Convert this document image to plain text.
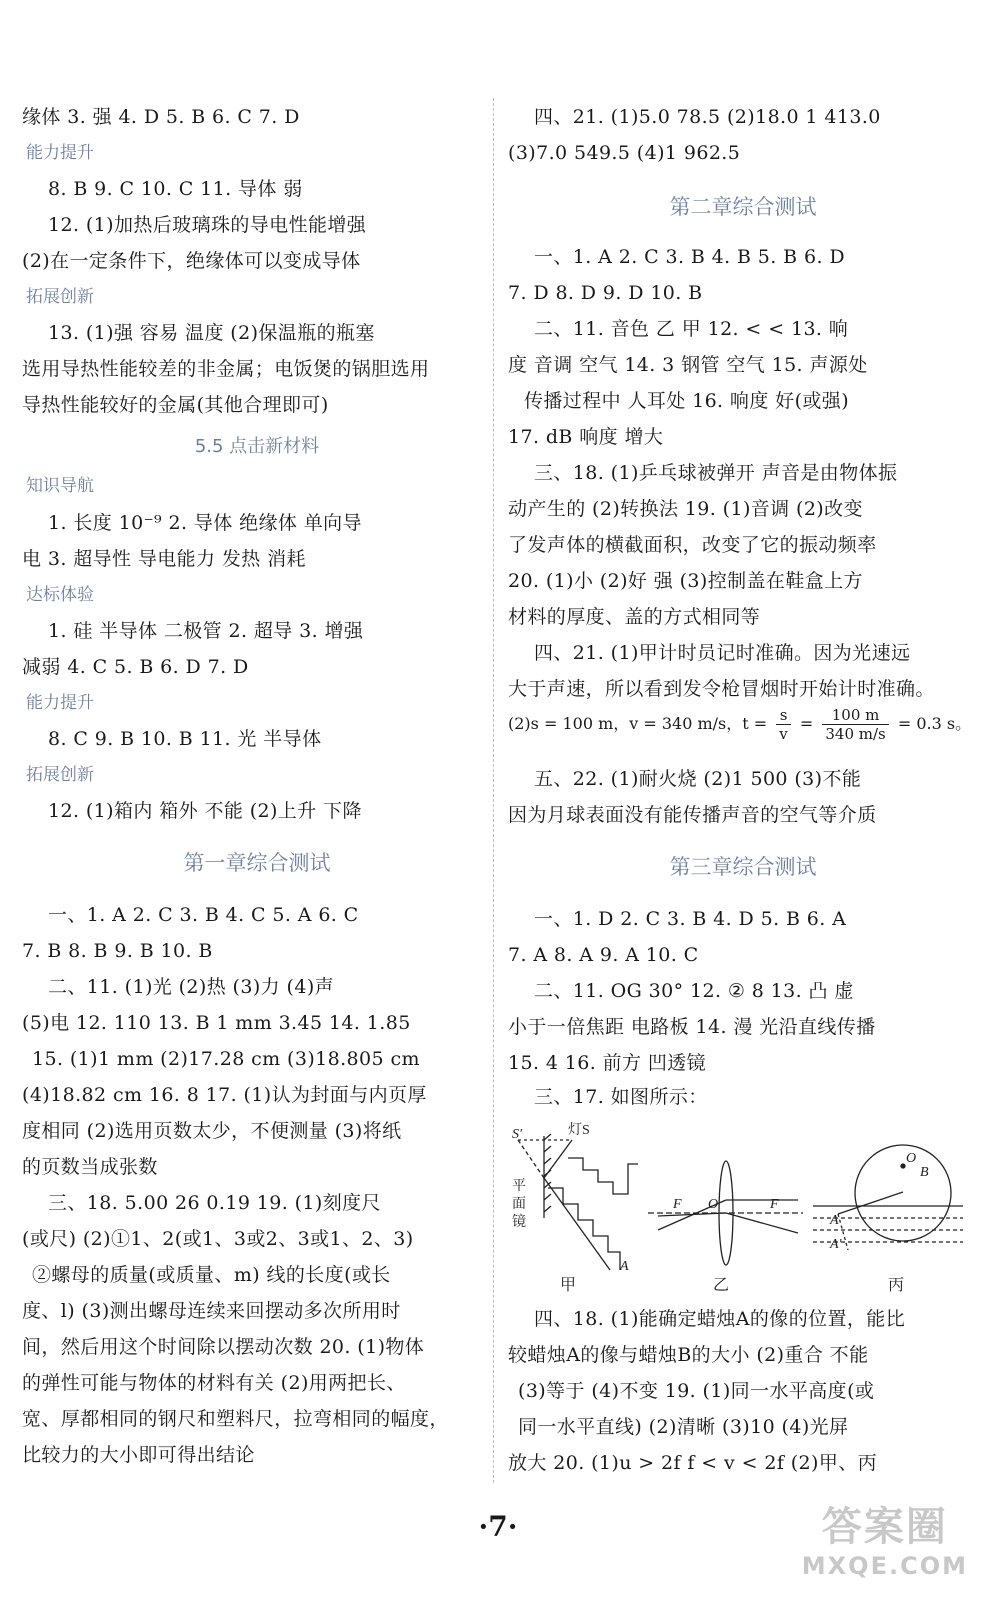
缘体 3. 强 4. D 5. B 6. C 7. D
能力提升
8. B 9. C 10. C 11. 导体 弱
12. (1)加热后玻璃珠的导电性能增强
(2)在一定条件下，绝缘体可以变成导体
拓展创新
13. (1)强 容易 温度 (2)保温瓶的瓶塞
选用导热性能较差的非金属；电饭煲的锅胆选用
导热性能较好的金属(其他合理即可)
5.5 点击新材料
知识导航
1. 长度 10⁻⁹ 2. 导体 绝缘体 单向导
电 3. 超导性 导电能力 发热 消耗
达标体验
1. 硅 半导体 二极管 2. 超导 3. 增强
减弱 4. C 5. B 6. D 7. D
能力提升
8. C 9. B 10. B 11. 光 半导体
拓展创新
12. (1)箱内 箱外 不能 (2)上升 下降
第一章综合测试
一、1. A 2. C 3. B 4. C 5. A 6. C
7. B 8. B 9. B 10. B
二、11. (1)光 (2)热 (3)力 (4)声
(5)电 12. 110 13. B 1 mm 3.45 14. 1.85
15. (1)1 mm (2)17.28 cm (3)18.805 cm
(4)18.82 cm 16. 8 17. (1)认为封面与内页厚
度相同 (2)选用页数太少，不便测量 (3)将纸
的页数当成张数
三、18. 5.00 26 0.19 19. (1)刻度尺
(或尺) (2)①1、2(或1、3或2、3或1、2、3)
②螺母的质量(或质量、m) 线的长度(或长
度、l) (3)测出螺母连续来回摆动多次所用时
间，然后用这个时间除以摆动次数 20. (1)物体
的弹性可能与物体的材料有关 (2)用两把长、
宽、厚都相同的钢尺和塑料尺，拉弯相同的幅度，
比较力的大小即可得出结论
四、21. (1)5.0 78.5 (2)18.0 1 413.0
(3)7.0 549.5 (4)1 962.5
第二章综合测试
一、1. A 2. C 3. B 4. B 5. B 6. D
7. D 8. D 9. D 10. B
二、11. 音色 乙 甲 12. < < 13. 响
度 音调 空气 14. 3 钢管 空气 15. 声源处
传播过程中 人耳处 16. 响度 好(或强)
17. dB 响度 增大
三、18. (1)乒乓球被弹开 声音是由物体振
动产生的 (2)转换法 19. (1)音调 (2)改变
了发声体的横截面积，改变了它的振动频率
20. (1)小 (2)好 强 (3)控制盖在鞋盒上方
材料的厚度、盖的方式相同等
四、21. (1)甲计时员记时准确。因为光速远
大于声速，所以看到发令枪冒烟时开始计时准确。
(2)s = 100 m，v = 340 m/s，$t = \frac{s}{v} = \frac{100 m}{340 m/s} = 0.3$ s。
五、22. (1)耐火烧 (2)1 500 (3)不能
因为月球表面没有能传播声音的空气等介质
第三章综合测试
一、1. D 2. C 3. B 4. D 5. B 6. A
7. A 8. A 9. A 10. C
二、11. OG 30° 12. ② 8 13. 凸 虚
小于一倍焦距 电路板 14. 漫 光沿直线传播
15. 4 16. 前方 凹透镜
三、17. 如图所示：
S'	灯S
平
面
镜
A
F O	F
O
B
A
A'
甲	乙	丙
四、18. (1)能确定蜡烛A的像的位置，能比
较蜡烛A的像与蜡烛B的大小 (2)重合 不能
(3)等于 (4)不变 19. (1)同一水平高度(或
同一水平直线) (2)清晰 (3)10 (4)光屏
放大 20. (1)u > 2f f < v < 2f (2)甲、丙
·7·	答案圈
MXQE.COM
